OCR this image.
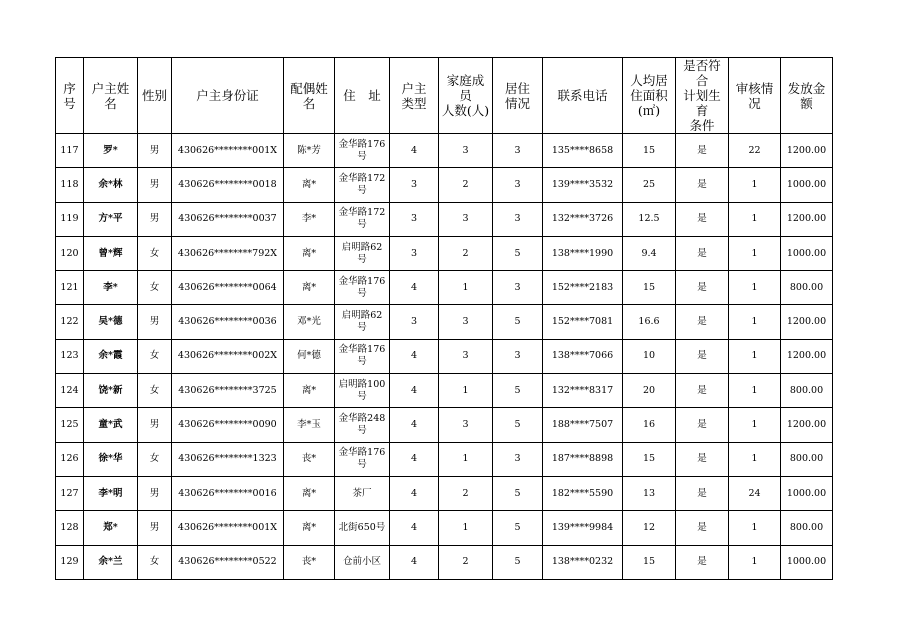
序
号	户主姓名	性别	户主身份证	配偶姓名	住　址	户主
类型	家庭成员
人数(人)	居住
情况	联系电话	人均居
住面积
(㎡)	是否符合
计划生育
条件	审核情况	发放金额
117	罗*	男	430626********001X	陈*芳	金华路176
号	4	3	3	135****8658	15	是	22	1200.00
118	余*林	男	430626********0018	离*	金华路172
号	3	2	3	139****3532	25	是	1	1000.00
119	方*平	男	430626********0037	李*	金华路172
号	3	3	3	132****3726	12.5	是	1	1200.00
120	曾*辉	女	430626********792X	离*	启明路62号	3	2	5	138****1990	9.4	是	1	1000.00
121	李*	女	430626********0064	离*	金华路176
号	4	1	3	152****2183	15	是	1	800.00
122	吴*德	男	430626********0036	邓*光	启明路62号	3	3	5	152****7081	16.6	是	1	1200.00
123	余*霞	女	430626********002X	何*德	金华路176
号	4	3	3	138****7066	10	是	1	1200.00
124	饶*新	女	430626********3725	离*	启明路100
号	4	1	5	132****8317	20	是	1	800.00
125	童*武	男	430626********0090	李*玉	金华路248
号	4	3	5	188****7507	16	是	1	1200.00
126	徐*华	女	430626********1323	丧*	金华路176
号	4	1	3	187****8898	15	是	1	800.00
127	李*明	男	430626********0016	离*	茶厂	4	2	5	182****5590	13	是	24	1000.00
128	郑*	男	430626********001X	离*	北街650号	4	1	5	139****9984	12	是	1	800.00
129	余*兰	女	430626********0522	丧*	仓前小区	4	2	5	138****0232	15	是	1	1000.00
